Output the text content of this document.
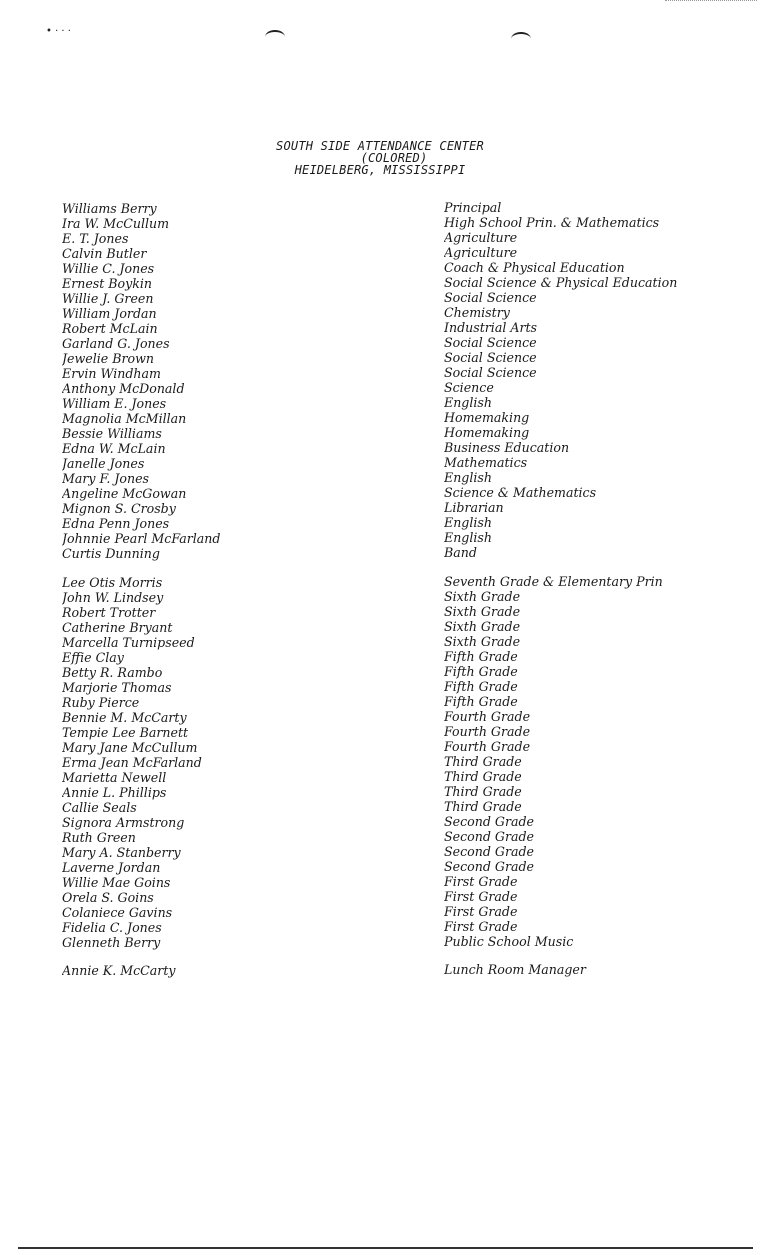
• · · ·
SOUTH SIDE ATTENDANCE CENTER
(COLORED)
HEIDELBERG, MISSISSIPPI
Williams Berry
Ira W. McCullum
E. T. Jones
Calvin Butler
Willie C. Jones
Ernest Boykin
Willie J. Green
William Jordan
Robert McLain
Garland G. Jones
Jewelie Brown
Ervin Windham
Anthony McDonald
William E. Jones
Magnolia McMillan
Bessie Williams
Edna W. McLain
Janelle Jones
Mary F. Jones
Angeline McGowan
Mignon S. Crosby
Edna Penn Jones
Johnnie Pearl McFarland
Curtis Dunning
Lee Otis Morris
John W. Lindsey
Robert Trotter
Catherine Bryant
Marcella Turnipseed
Effie Clay
Betty R. Rambo
Marjorie Thomas
Ruby Pierce
Bennie M. McCarty
Tempie Lee Barnett
Mary Jane McCullum
Erma Jean McFarland
Marietta Newell
Annie L. Phillips
Callie Seals
Signora Armstrong
Ruth Green
Mary A. Stanberry
Laverne Jordan
Willie Mae Goins
Orela S. Goins
Colaniece Gavins
Fidelia C. Jones
Glenneth Berry
Annie K. McCarty
Principal
High School Prin. & Mathematics
Agriculture
Agriculture
Coach & Physical Education
Social Science & Physical Education
Social Science
Chemistry
Industrial Arts
Social Science
Social Science
Social Science
Science
English
Homemaking
Homemaking
Business Education
Mathematics
English
Science & Mathematics
Librarian
English
English
Band
Seventh Grade & Elementary Prin
Sixth Grade
Sixth Grade
Sixth Grade
Sixth Grade
Fifth Grade
Fifth Grade
Fifth Grade
Fifth Grade
Fourth Grade
Fourth Grade
Fourth Grade
Third Grade
Third Grade
Third Grade
Third Grade
Second Grade
Second Grade
Second Grade
Second Grade
First Grade
First Grade
First Grade
First Grade
Public School Music
Lunch Room Manager
